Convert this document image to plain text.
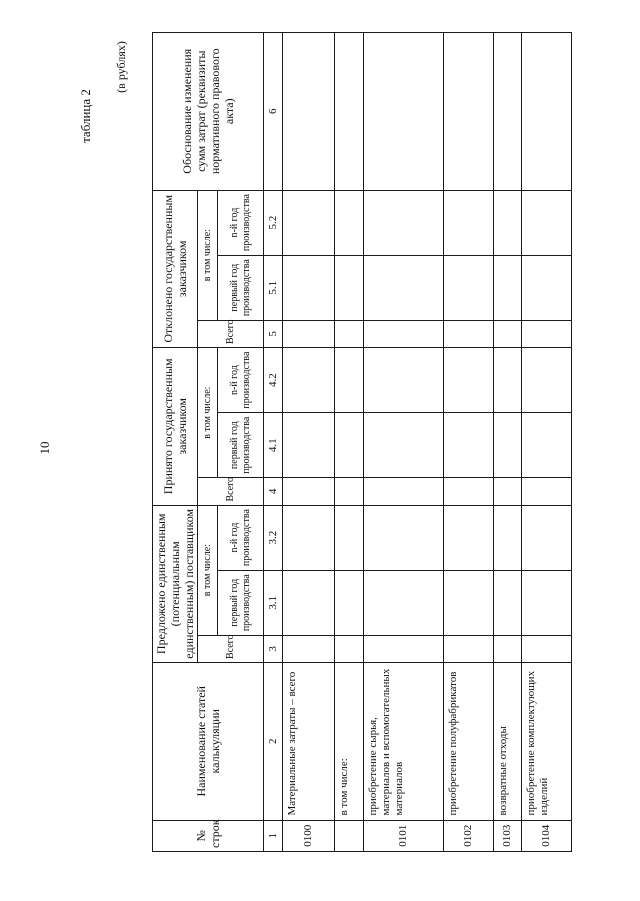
10
таблица 2
(в рублях)
№ строк	Наименование статей калькуляции	Предложено единственным (потенциальным единственным) поставщиком			Принято государственным заказчиком			Отклонено государственным заказчиком			Обоснование изменения сумм затрат (реквизиты нормативного правового акта)
		Всего	в том числе:		Всего	в том числе:		Всего	в том числе:		
			первый год производства	n-й год производства		первый год производства	n-й год производства		первый год производства	n-й год производства	
1	2	3	3.1	3.2	4	4.1	4.2	5	5.1	5.2	6
0100	Материальные затраты – всего										
	в том числе:										
0101	приобретение сырья, материалов и вспомогательных материалов										
0102	приобретение полуфабрикатов										
0103	возвратные отходы										
0104	приобретение комплектующих изделий										
